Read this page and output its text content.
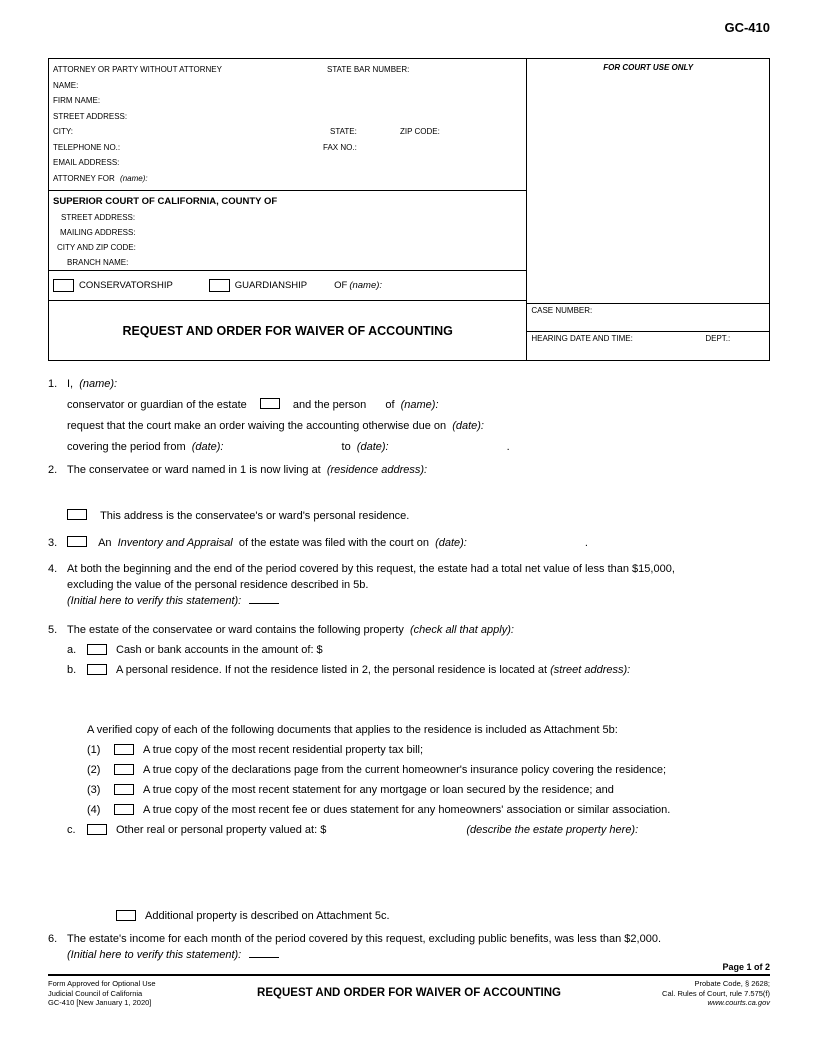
GC-410
ATTORNEY OR PARTY WITHOUT ATTORNEY	STATE BAR NUMBER:
NAME:
FIRM NAME:
STREET ADDRESS:
CITY:	STATE:	ZIP CODE:
TELEPHONE NO.:	FAX NO.:
EMAIL ADDRESS:
ATTORNEY FOR (name):
SUPERIOR COURT OF CALIFORNIA, COUNTY OF
STREET ADDRESS:
MAILING ADDRESS:
CITY AND ZIP CODE:
BRANCH NAME:
CONSERVATORSHIP	GUARDIANSHIP	OF (name):
REQUEST AND ORDER FOR WAIVER OF ACCOUNTING
FOR COURT USE ONLY
CASE NUMBER:
HEARING DATE AND TIME:	DEPT.:
1. I, (name):
conservator or guardian of the estate	and the person of (name):
request that the court make an order waiving the accounting otherwise due on (date):
covering the period from (date):	to (date):	.
2. The conservatee or ward named in 1 is now living at (residence address):
This address is the conservatee's or ward's personal residence.
3.	An Inventory and Appraisal of the estate was filed with the court on (date):	.
4. At both the beginning and the end of the period covered by this request, the estate had a total net value of less than $15,000,
excluding the value of the personal residence described in 5b.
(Initial here to verify this statement):
5. The estate of the conservatee or ward contains the following property (check all that apply):
a.	Cash or bank accounts in the amount of: $
b.	A personal residence. If not the residence listed in 2, the personal residence is located at (street address):
A verified copy of each of the following documents that applies to the residence is included as Attachment 5b:
(1)	A true copy of the most recent residential property tax bill;
(2)	A true copy of the declarations page from the current homeowner's insurance policy covering the residence;
(3)	A true copy of the most recent statement for any mortgage or loan secured by the residence; and
(4)	A true copy of the most recent fee or dues statement for any homeowners' association or similar association.
c.	Other real or personal property valued at: $	(describe the estate property here):
Additional property is described on Attachment 5c.
6. The estate's income for each month of the period covered by this request, excluding public benefits, was less than $2,000.
(Initial here to verify this statement):
Page 1 of 2
Form Approved for Optional Use
Judicial Council of California
GC-410 [New January 1, 2020]
REQUEST AND ORDER FOR WAIVER OF ACCOUNTING
Probate Code, § 2628;
Cal. Rules of Court, rule 7.575(f)
www.courts.ca.gov
